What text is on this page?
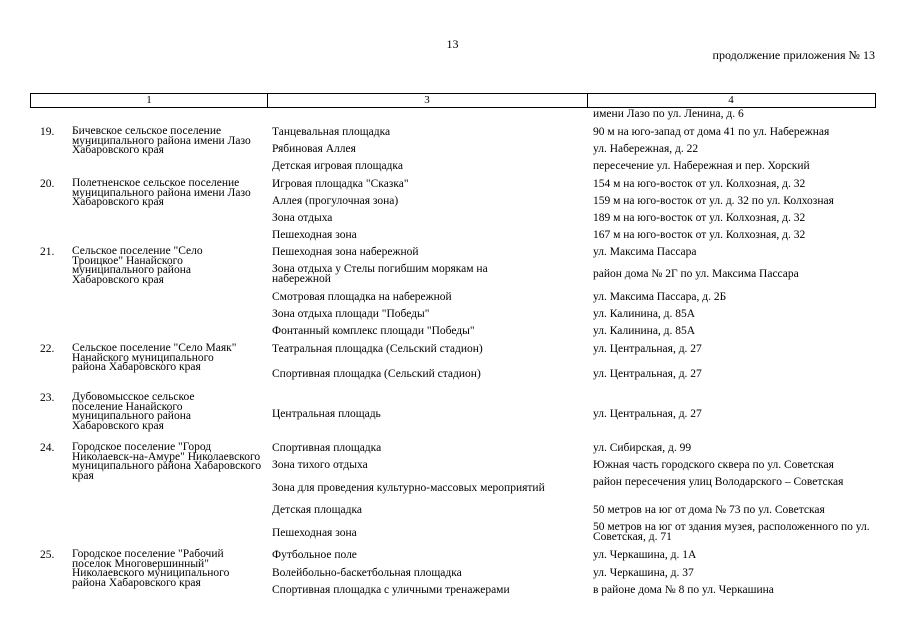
13
продолжение приложения № 13
1	3	4
имени Лазо по ул. Ленина, д. 6
19. Бичевское сельское поселение муниципального района имени Лазо Хабаровского края
Танцевальная площадка	90 м на юго-запад от дома 41 по ул. Набережная
Рябиновая Аллея	ул. Набережная, д. 22
Детская игровая площадка	пересечение ул. Набережная и пер. Хорский
20. Полетненское сельское поселение муниципального района имени Лазо Хабаровского края
Игровая площадка "Сказка"	154 м на юго-восток от ул. Колхозная, д. 32
Аллея (прогулочная зона)	159 м на юго-восток от ул. д. 32 по ул. Колхозная
Зона отдыха	189 м на юго-восток от ул. Колхозная, д. 32
Пешеходная зона	167 м на юго-восток от ул. Колхозная, д. 32
21. Сельское поселение "Село Троицкое" Нанайского муниципального района Хабаровского края
Пешеходная зона набережной	ул. Максима Пассара
Зона отдыха у Стелы погибшим морякам на набережной	район дома № 2Г по ул. Максима Пассара
Смотровая площадка на набережной	ул. Максима Пассара, д. 2Б
Зона отдыха площади "Победы"	ул. Калинина, д. 85А
Фонтанный комплекс площади "Победы"	ул. Калинина, д. 85А
22. Сельское поселение "Село Маяк" Нанайского муниципального района Хабаровского края
Театральная площадка (Сельский стадион)	ул. Центральная, д. 27
Спортивная площадка (Сельский стадион)	ул. Центральная, д. 27
23. Дубовомысское сельское поселение Нанайского муниципального района Хабаровского края
Центральная площадь	ул. Центральная, д. 27
24. Городское поселение "Город Николаевск-на-Амуре" Николаевского муниципального района Хабаровского края
Спортивная площадка	ул. Сибирская, д. 99
Зона тихого отдыха	Южная часть городского сквера по ул. Советская
Зона для проведения культурно-массовых мероприятий	район пересечения улиц Володарского – Советская
Детская площадка	50 метров на юг от дома № 73 по ул. Советская
Пешеходная зона	50 метров на юг от здания музея, расположенного по ул. Советская, д. 71
25. Городское поселение "Рабочий поселок Многовершинный" Николаевского муниципального района Хабаровского края
Футбольное поле	ул. Черкашина, д. 1А
Волейбольно-баскетбольная площадка	ул. Черкашина, д. 37
Спортивная площадка с уличными тренажерами	в районе дома № 8 по ул. Черкашина
